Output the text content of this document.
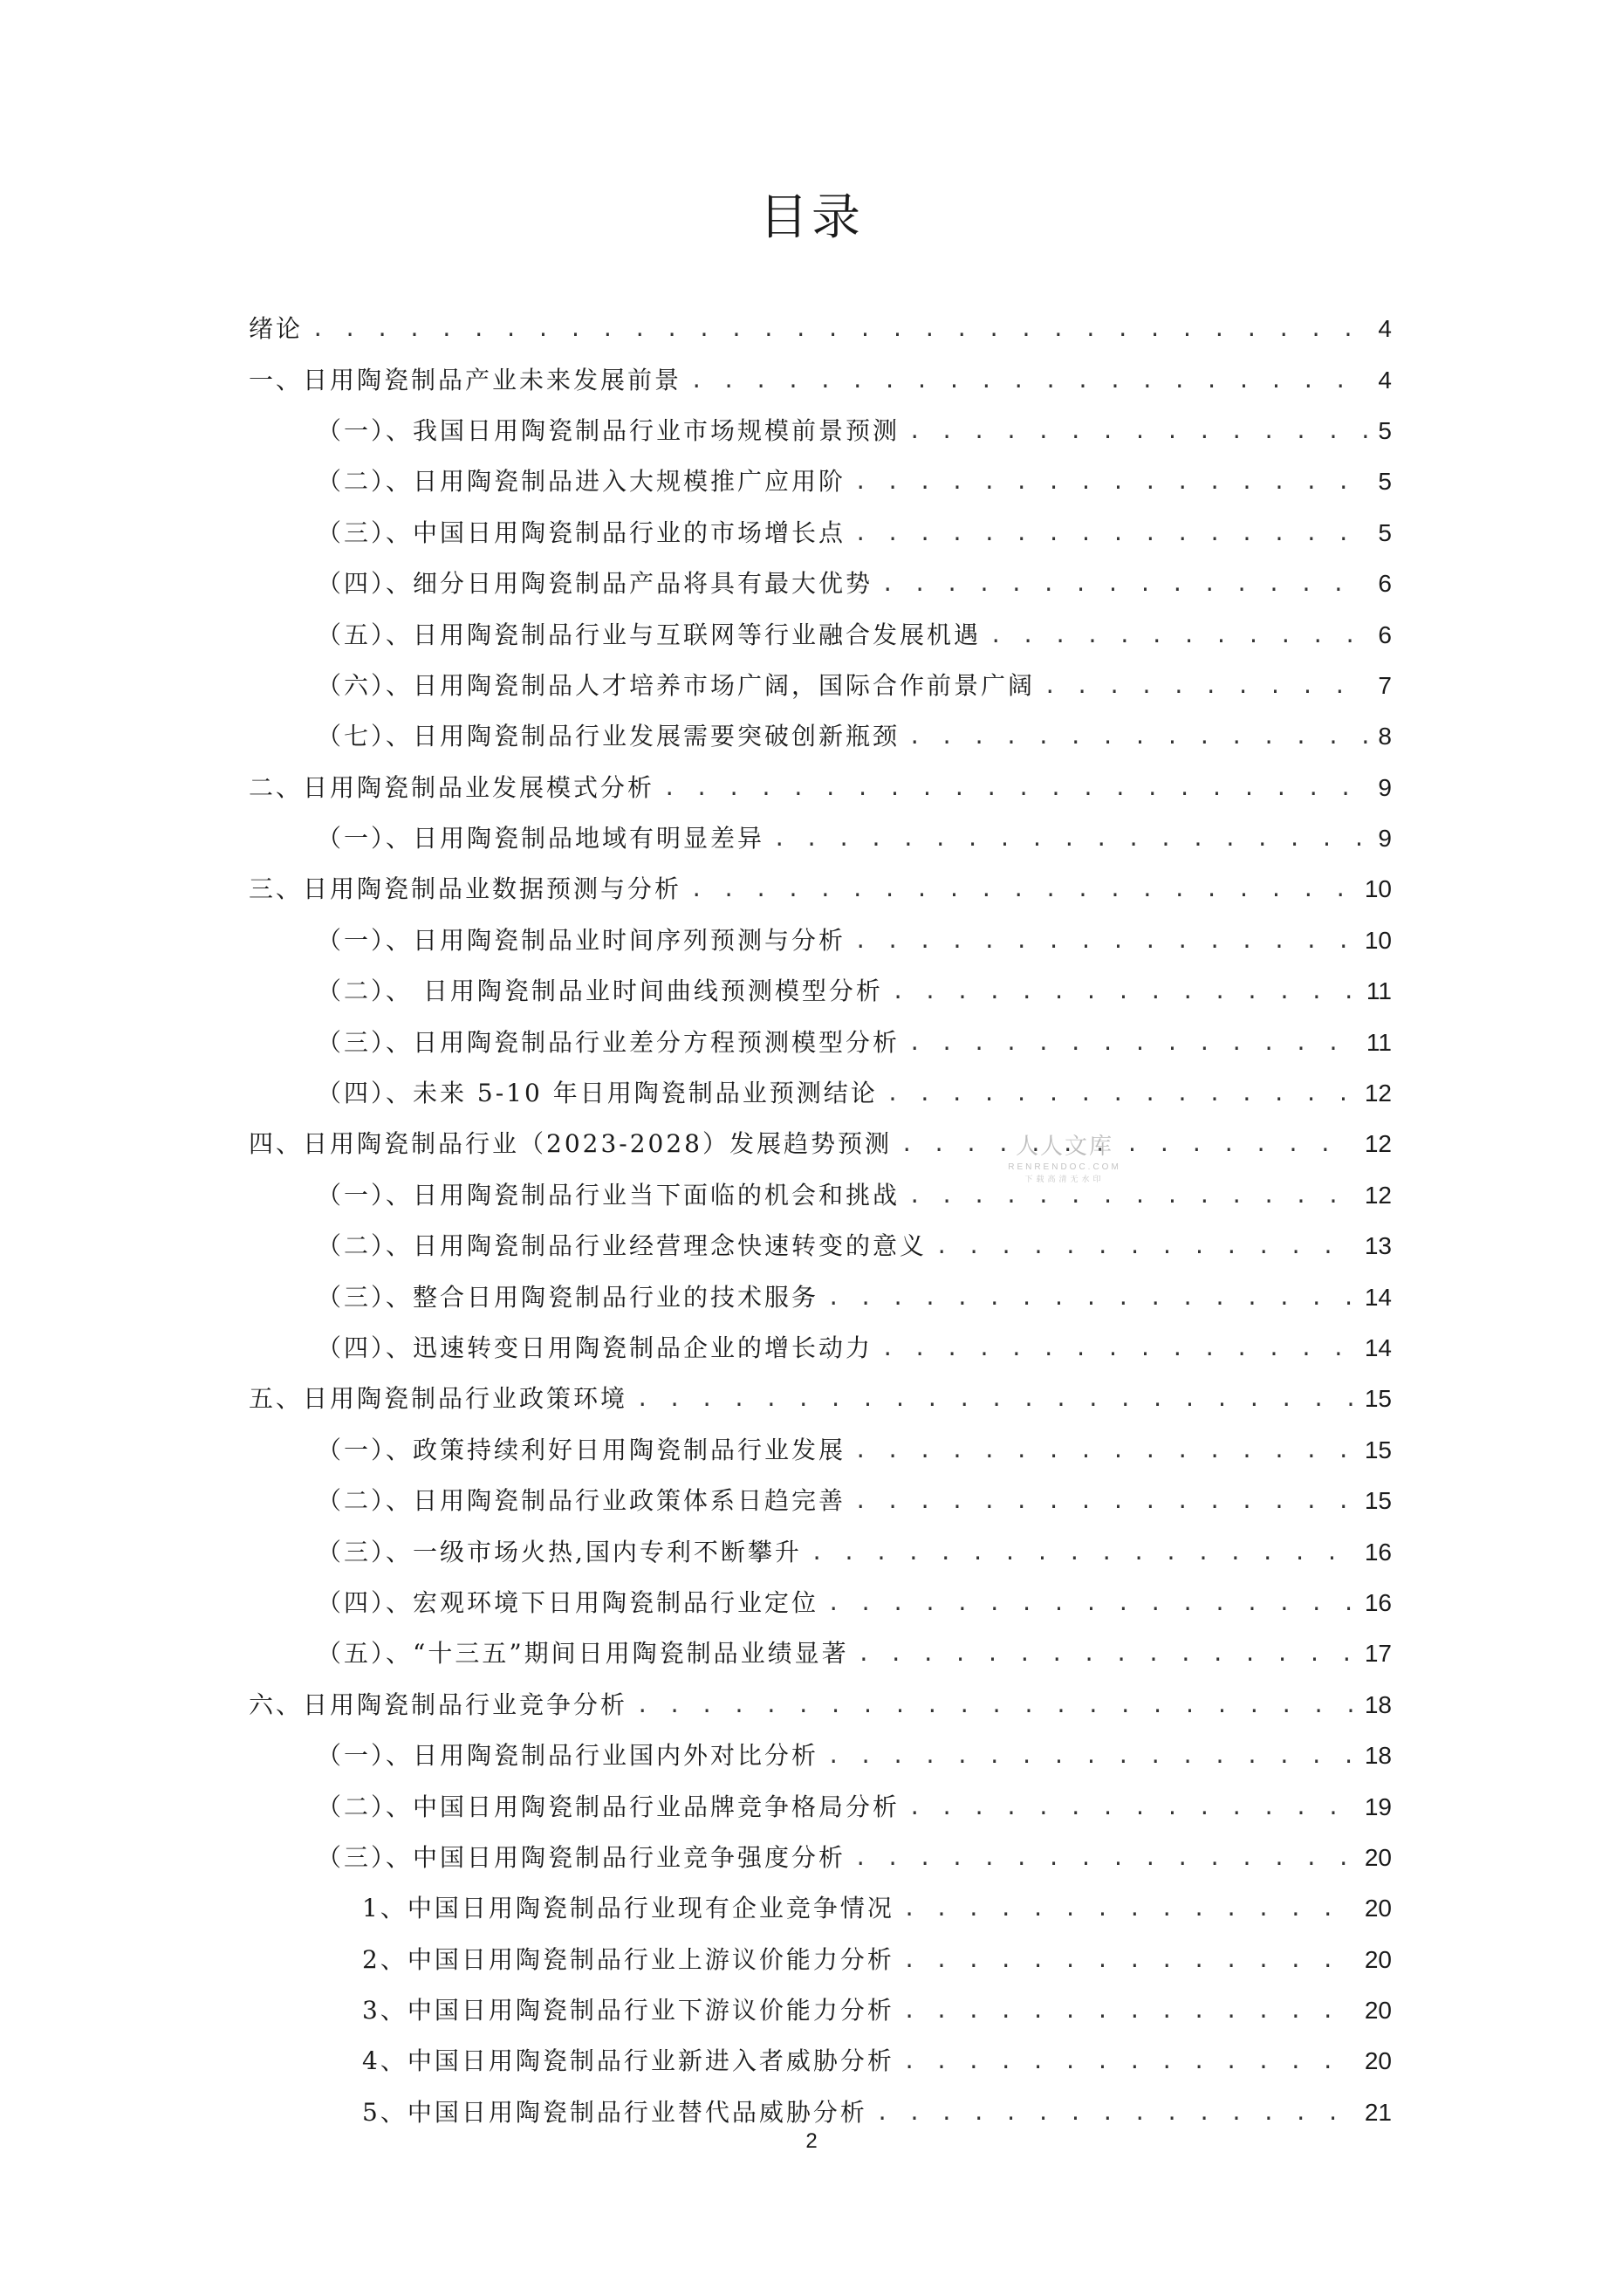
目录
绪论 . . .	4
一、日用陶瓷制品产业未来发展前景 . . .	4
（一）、我国日用陶瓷制品行业市场规模前景预测 . . .	5
（二）、日用陶瓷制品进入大规模推广应用阶 . . .	5
（三）、中国日用陶瓷制品行业的市场增长点 . . .	5
（四）、细分日用陶瓷制品产品将具有最大优势 . . .	6
（五）、日用陶瓷制品行业与互联网等行业融合发展机遇 . . .	6
（六）、日用陶瓷制品人才培养市场广阔，国际合作前景广阔 . . .	7
（七）、日用陶瓷制品行业发展需要突破创新瓶颈 . . .	8
二、日用陶瓷制品业发展模式分析 . . .	9
（一）、日用陶瓷制品地域有明显差异 . . .	9
三、日用陶瓷制品业数据预测与分析 . . .	10
（一）、日用陶瓷制品业时间序列预测与分析 . . .	10
（二）、 日用陶瓷制品业时间曲线预测模型分析 . . .	11
（三）、日用陶瓷制品行业差分方程预测模型分析 . . .	11
（四）、未来 5-10 年日用陶瓷制品业预测结论 . . .	12
四、日用陶瓷制品行业（2023-2028）发展趋势预测 . . .	12
（一）、日用陶瓷制品行业当下面临的机会和挑战 . . .	12
（二）、日用陶瓷制品行业经营理念快速转变的意义 . . .	13
（三）、整合日用陶瓷制品行业的技术服务 . . .	14
（四）、迅速转变日用陶瓷制品企业的增长动力 . . .	14
五、日用陶瓷制品行业政策环境 . . .	15
（一）、政策持续利好日用陶瓷制品行业发展 . . .	15
（二）、日用陶瓷制品行业政策体系日趋完善 . . .	15
（三）、一级市场火热,国内专利不断攀升 . . .	16
（四）、宏观环境下日用陶瓷制品行业定位 . . .	16
（五）、“十三五”期间日用陶瓷制品业绩显著 . . .	17
六、日用陶瓷制品行业竞争分析 . . .	18
（一）、日用陶瓷制品行业国内外对比分析 . . .	18
（二）、中国日用陶瓷制品行业品牌竞争格局分析 . . .	19
（三）、中国日用陶瓷制品行业竞争强度分析 . . .	20
1、中国日用陶瓷制品行业现有企业竞争情况 . . .	20
2、中国日用陶瓷制品行业上游议价能力分析 . . .	20
3、中国日用陶瓷制品行业下游议价能力分析 . . .	20
4、中国日用陶瓷制品行业新进入者威胁分析 . . .	20
5、中国日用陶瓷制品行业替代品威胁分析 . . .	21
人人文库
RENRENDOC.COM
下载高清无水印
2
